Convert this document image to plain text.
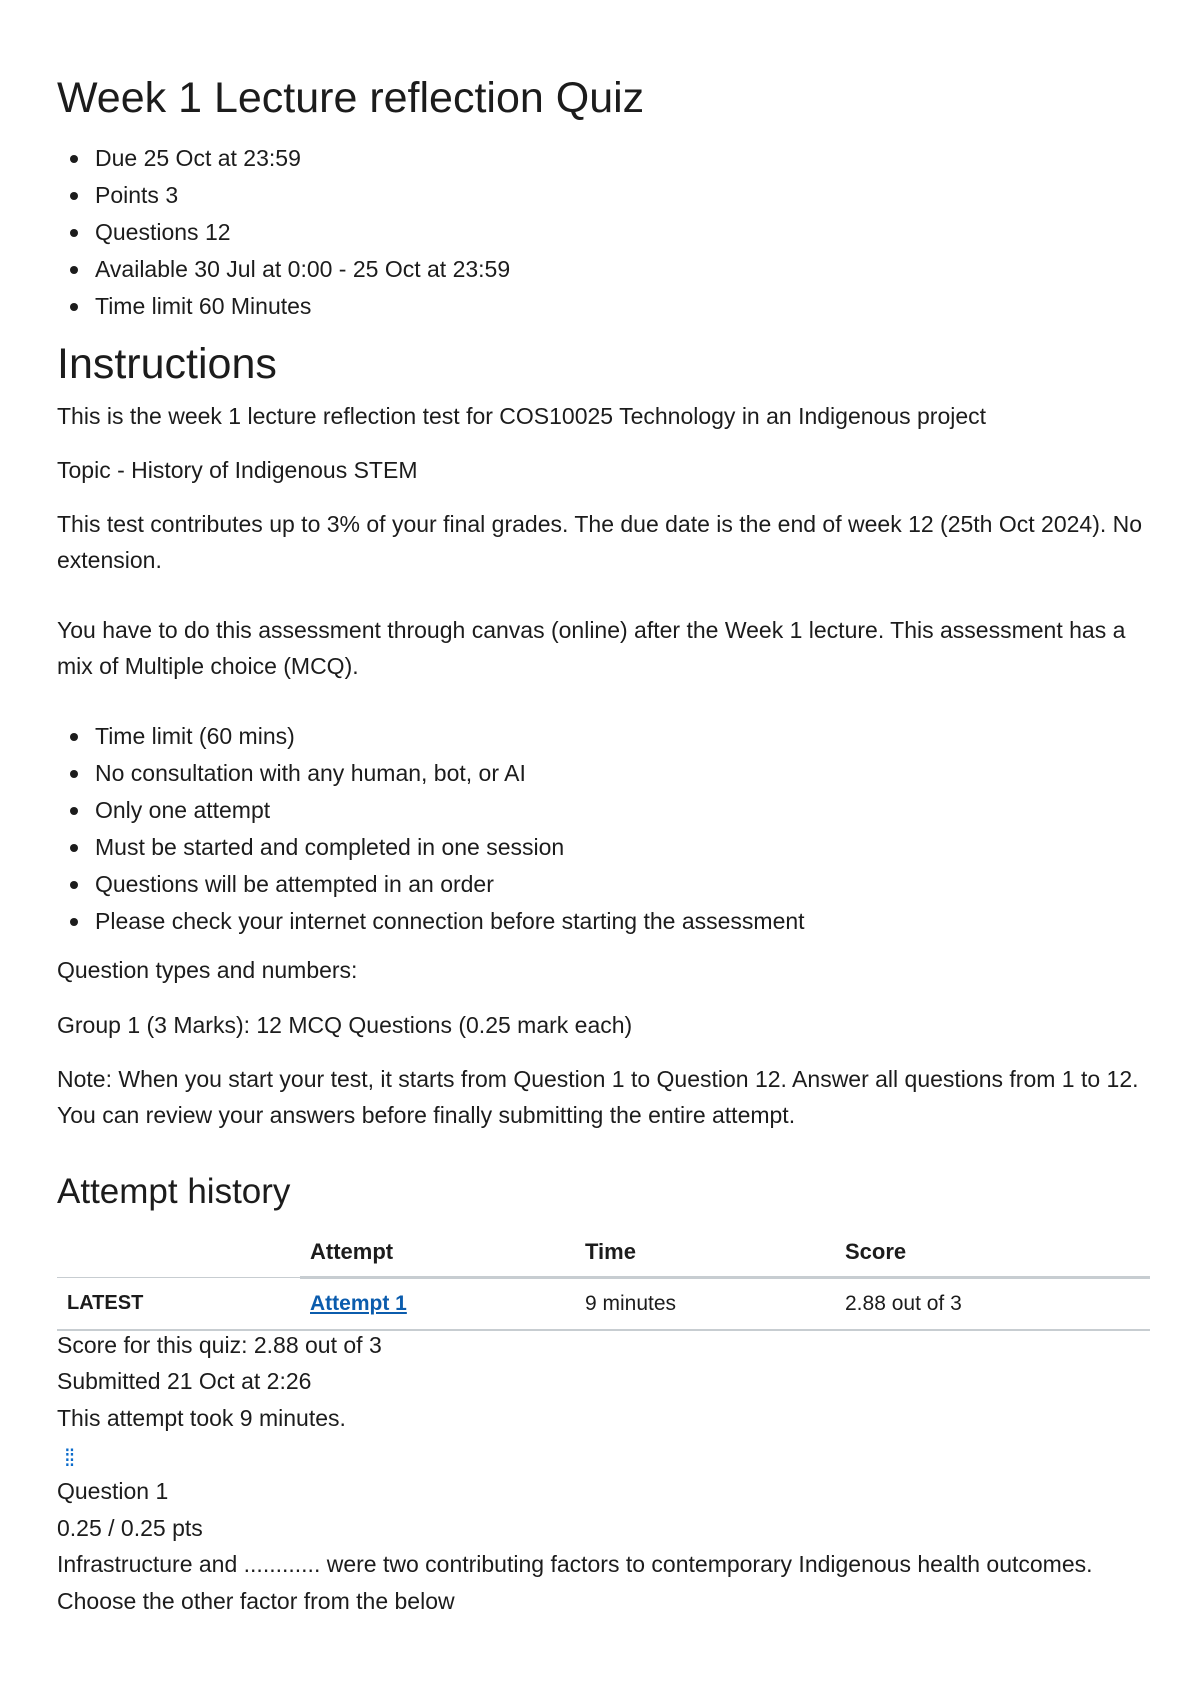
Week 1 Lecture reflection Quiz
Due 25 Oct at 23:59
Points 3
Questions 12
Available 30 Jul at 0:00 - 25 Oct at 23:59
Time limit 60 Minutes
Instructions

This is the week 1 lecture reflection test for COS10025 Technology in an Indigenous project

Topic - History of Indigenous STEM

This test contributes up to 3% of your final grades. The due date is the end of week 12 (25th Oct 2024). No extension.

You have to do this assessment through canvas (online) after the Week 1 lecture. This assessment has a mix of Multiple choice (MCQ).

Time limit (60 mins)
No consultation with any human, bot, or AI
Only one attempt
Must be started and completed in one session
Questions will be attempted in an order
Please check your internet connection before starting the assessment

Question types and numbers:

Group 1 (3 Marks): 12 MCQ Questions (0.25 mark each)

Note: When you start your test, it starts from Question 1 to Question 12. Answer all questions from 1 to 12. You can review your answers before finally submitting the entire attempt.

Attempt history
	Attempt	Time	Score
LATEST	Attempt 1	9 minutes	2.88 out of 3
Score for this quiz: 2.88 out of 3
Submitted 21 Oct at 2:26
This attempt took 9 minutes.
⁞⁞
Question 1
0.25 / 0.25 pts
Infrastructure and ............ were two contributing factors to contemporary Indigenous health outcomes. Choose the other factor from the below
